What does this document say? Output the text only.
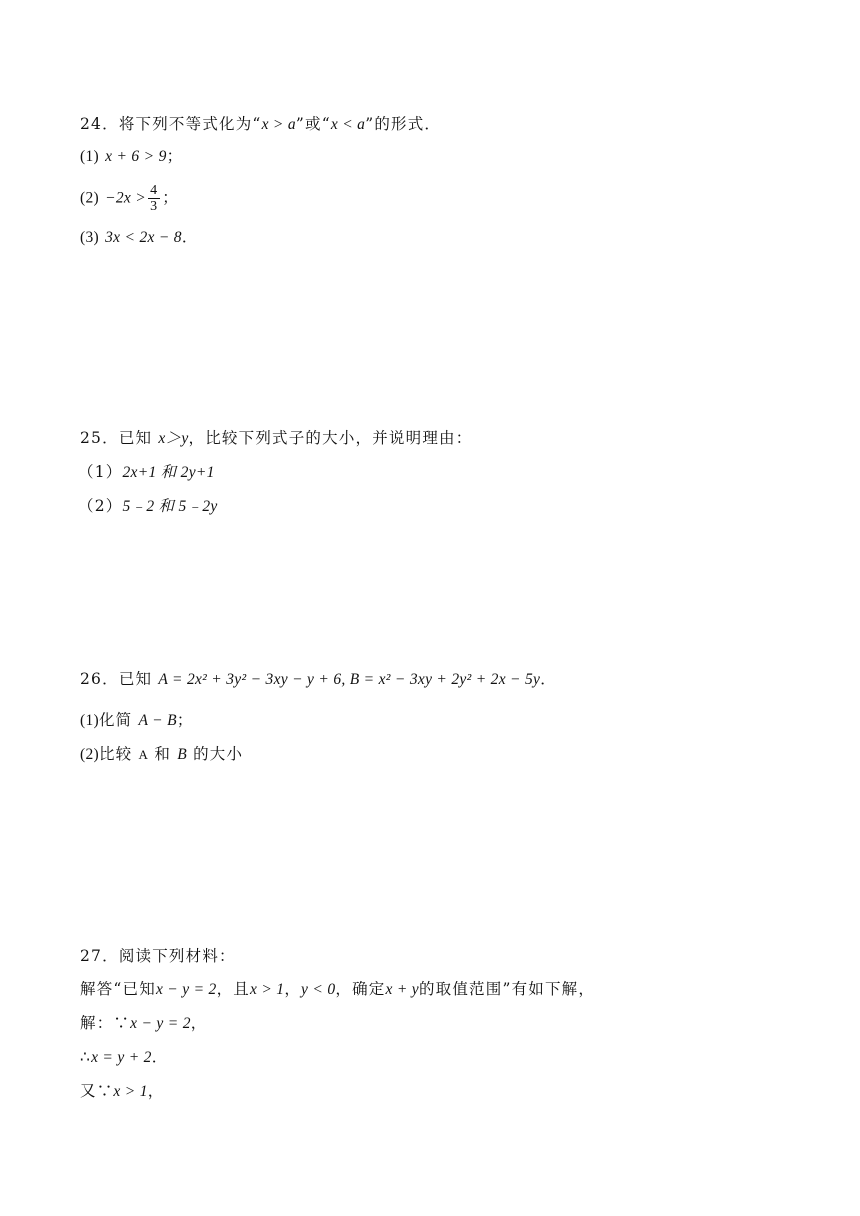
24．将下列不等式化为“x > a”或“x < a”的形式．
(1) x + 6 > 9；
$(2) -2x > \frac{4}{3}$ ；
(3) 3x < 2x − 8．
25．已知 x＞y，比较下列式子的大小，并说明理由：
（1）2x+1 和 2y+1
（2）5﹣2 和 5﹣2y
26．已知 A = 2x² + 3y² − 3xy − y + 6, B = x² − 3xy + 2y² + 2x − 5y．
(1)化简 A − B；
(2)比较 A 和 B 的大小
27．阅读下列材料：
解答“已知x − y = 2，且x > 1，y < 0，确定x + y的取值范围”有如下解，
解：∵x − y = 2，
∴x = y + 2．
又∵x > 1，
